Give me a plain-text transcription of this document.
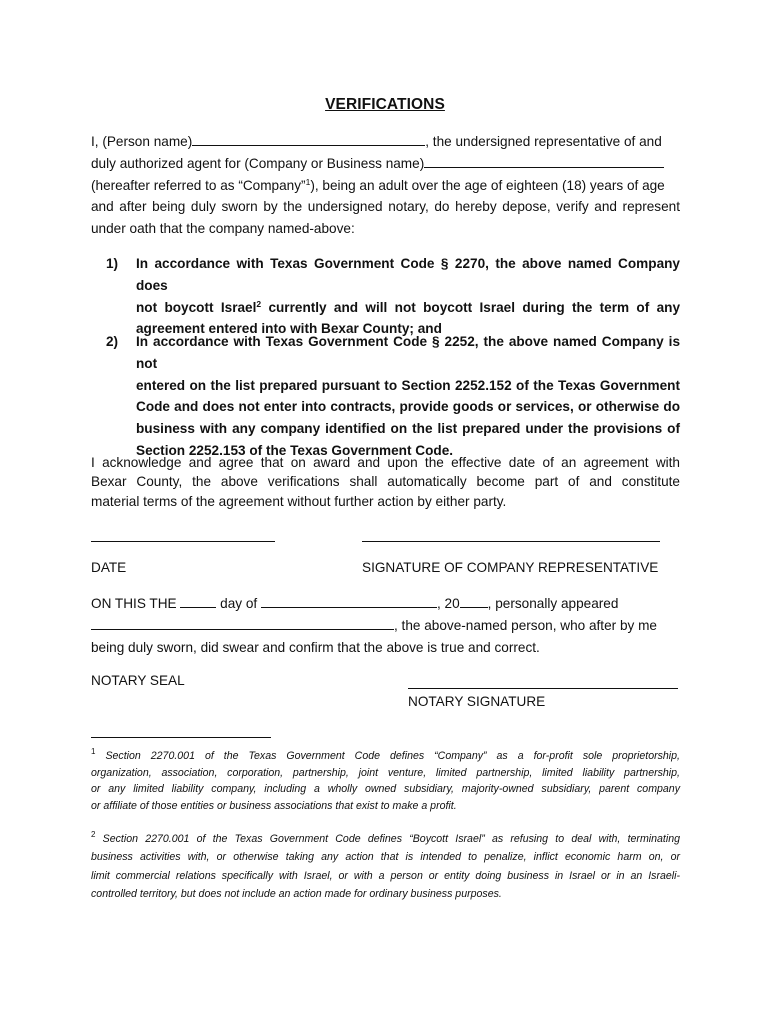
VERIFICATIONS
I, (Person name)	, the undersigned representative of and
duly authorized agent for (Company or Business name)
(hereafter referred to as “Company”$^1$), being an adult over the age of eighteen (18) years of age
and after being duly sworn by the undersigned notary, do hereby depose, verify and represent
under oath that the company named-above:
1) In accordance with Texas Government Code § 2270, the above named Company does
not boycott Israel$^2$ currently and will not boycott Israel during the term of any
agreement entered into with Bexar County; and
2) In accordance with Texas Government Code § 2252, the above named Company is not
entered on the list prepared pursuant to Section 2252.152 of the Texas Government
Code and does not enter into contracts, provide goods or services, or otherwise do
business with any company identified on the list prepared under the provisions of
Section 2252.153 of the Texas Government Code.
I acknowledge and agree that on award and upon the effective date of an agreement with
Bexar County, the above verifications shall automatically become part of and constitute
material terms of the agreement without further action by either party.
DATE	SIGNATURE OF COMPANY REPRESENTATIVE
ON THIS THE	day of	, 20 , personally appeared
, the above-named person, who after by me
being duly sworn, did swear and confirm that the above is true and correct.
NOTARY SEAL
NOTARY SIGNATURE
$^1$ Section 2270.001 of the Texas Government Code defines “Company” as a for-profit sole proprietorship,
organization, association, corporation, partnership, joint venture, limited partnership, limited liability partnership,
or any limited liability company, including a wholly owned subsidiary, majority-owned subsidiary, parent company
or affiliate of those entities or business associations that exist to make a profit.
$^2$ Section 2270.001 of the Texas Government Code defines “Boycott Israel” as refusing to deal with, terminating
business activities with, or otherwise taking any action that is intended to penalize, inflict economic harm on, or
limit commercial relations specifically with Israel, or with a person or entity doing business in Israel or in an Israeli-
controlled territory, but does not include an action made for ordinary business purposes.
